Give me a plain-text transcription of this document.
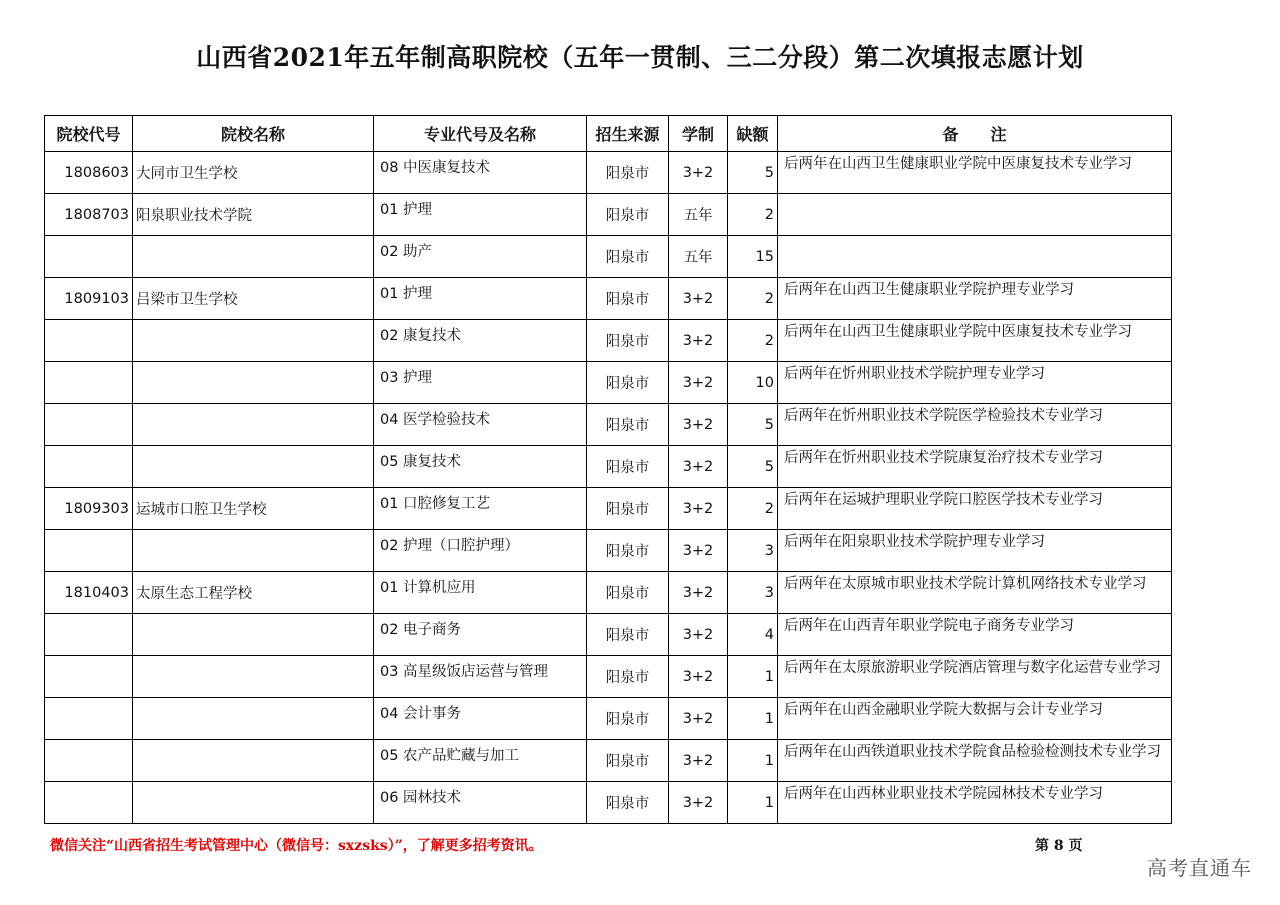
山西省2021年五年制高职院校（五年一贯制、三二分段）第二次填报志愿计划
院校代号	院校名称	专业代号及名称	招生来源	学制	缺额	备　　注
1808603	大同市卫生学校	08 中医康复技术	阳泉市	3+2	5	后两年在山西卫生健康职业学院中医康复技术专业学习
1808703	阳泉职业技术学院	01 护理	阳泉市	五年	2	
		02 助产	阳泉市	五年	15	
1809103	吕梁市卫生学校	01 护理	阳泉市	3+2	2	后两年在山西卫生健康职业学院护理专业学习
		02 康复技术	阳泉市	3+2	2	后两年在山西卫生健康职业学院中医康复技术专业学习
		03 护理	阳泉市	3+2	10	后两年在忻州职业技术学院护理专业学习
		04 医学检验技术	阳泉市	3+2	5	后两年在忻州职业技术学院医学检验技术专业学习
		05 康复技术	阳泉市	3+2	5	后两年在忻州职业技术学院康复治疗技术专业学习
1809303	运城市口腔卫生学校	01 口腔修复工艺	阳泉市	3+2	2	后两年在运城护理职业学院口腔医学技术专业学习
		02 护理（口腔护理）	阳泉市	3+2	3	后两年在阳泉职业技术学院护理专业学习
1810403	太原生态工程学校	01 计算机应用	阳泉市	3+2	3	后两年在太原城市职业技术学院计算机网络技术专业学习
		02 电子商务	阳泉市	3+2	4	后两年在山西青年职业学院电子商务专业学习
		03 高星级饭店运营与管理	阳泉市	3+2	1	后两年在太原旅游职业学院酒店管理与数字化运营专业学习
		04 会计事务	阳泉市	3+2	1	后两年在山西金融职业学院大数据与会计专业学习
		05 农产品贮藏与加工	阳泉市	3+2	1	后两年在山西铁道职业技术学院食品检验检测技术专业学习
		06 园林技术	阳泉市	3+2	1	后两年在山西林业职业技术学院园林技术专业学习
微信关注“山西省招生考试管理中心（微信号：sxzsks）”，了解更多招考资讯。	第 8 页
高考直通车
